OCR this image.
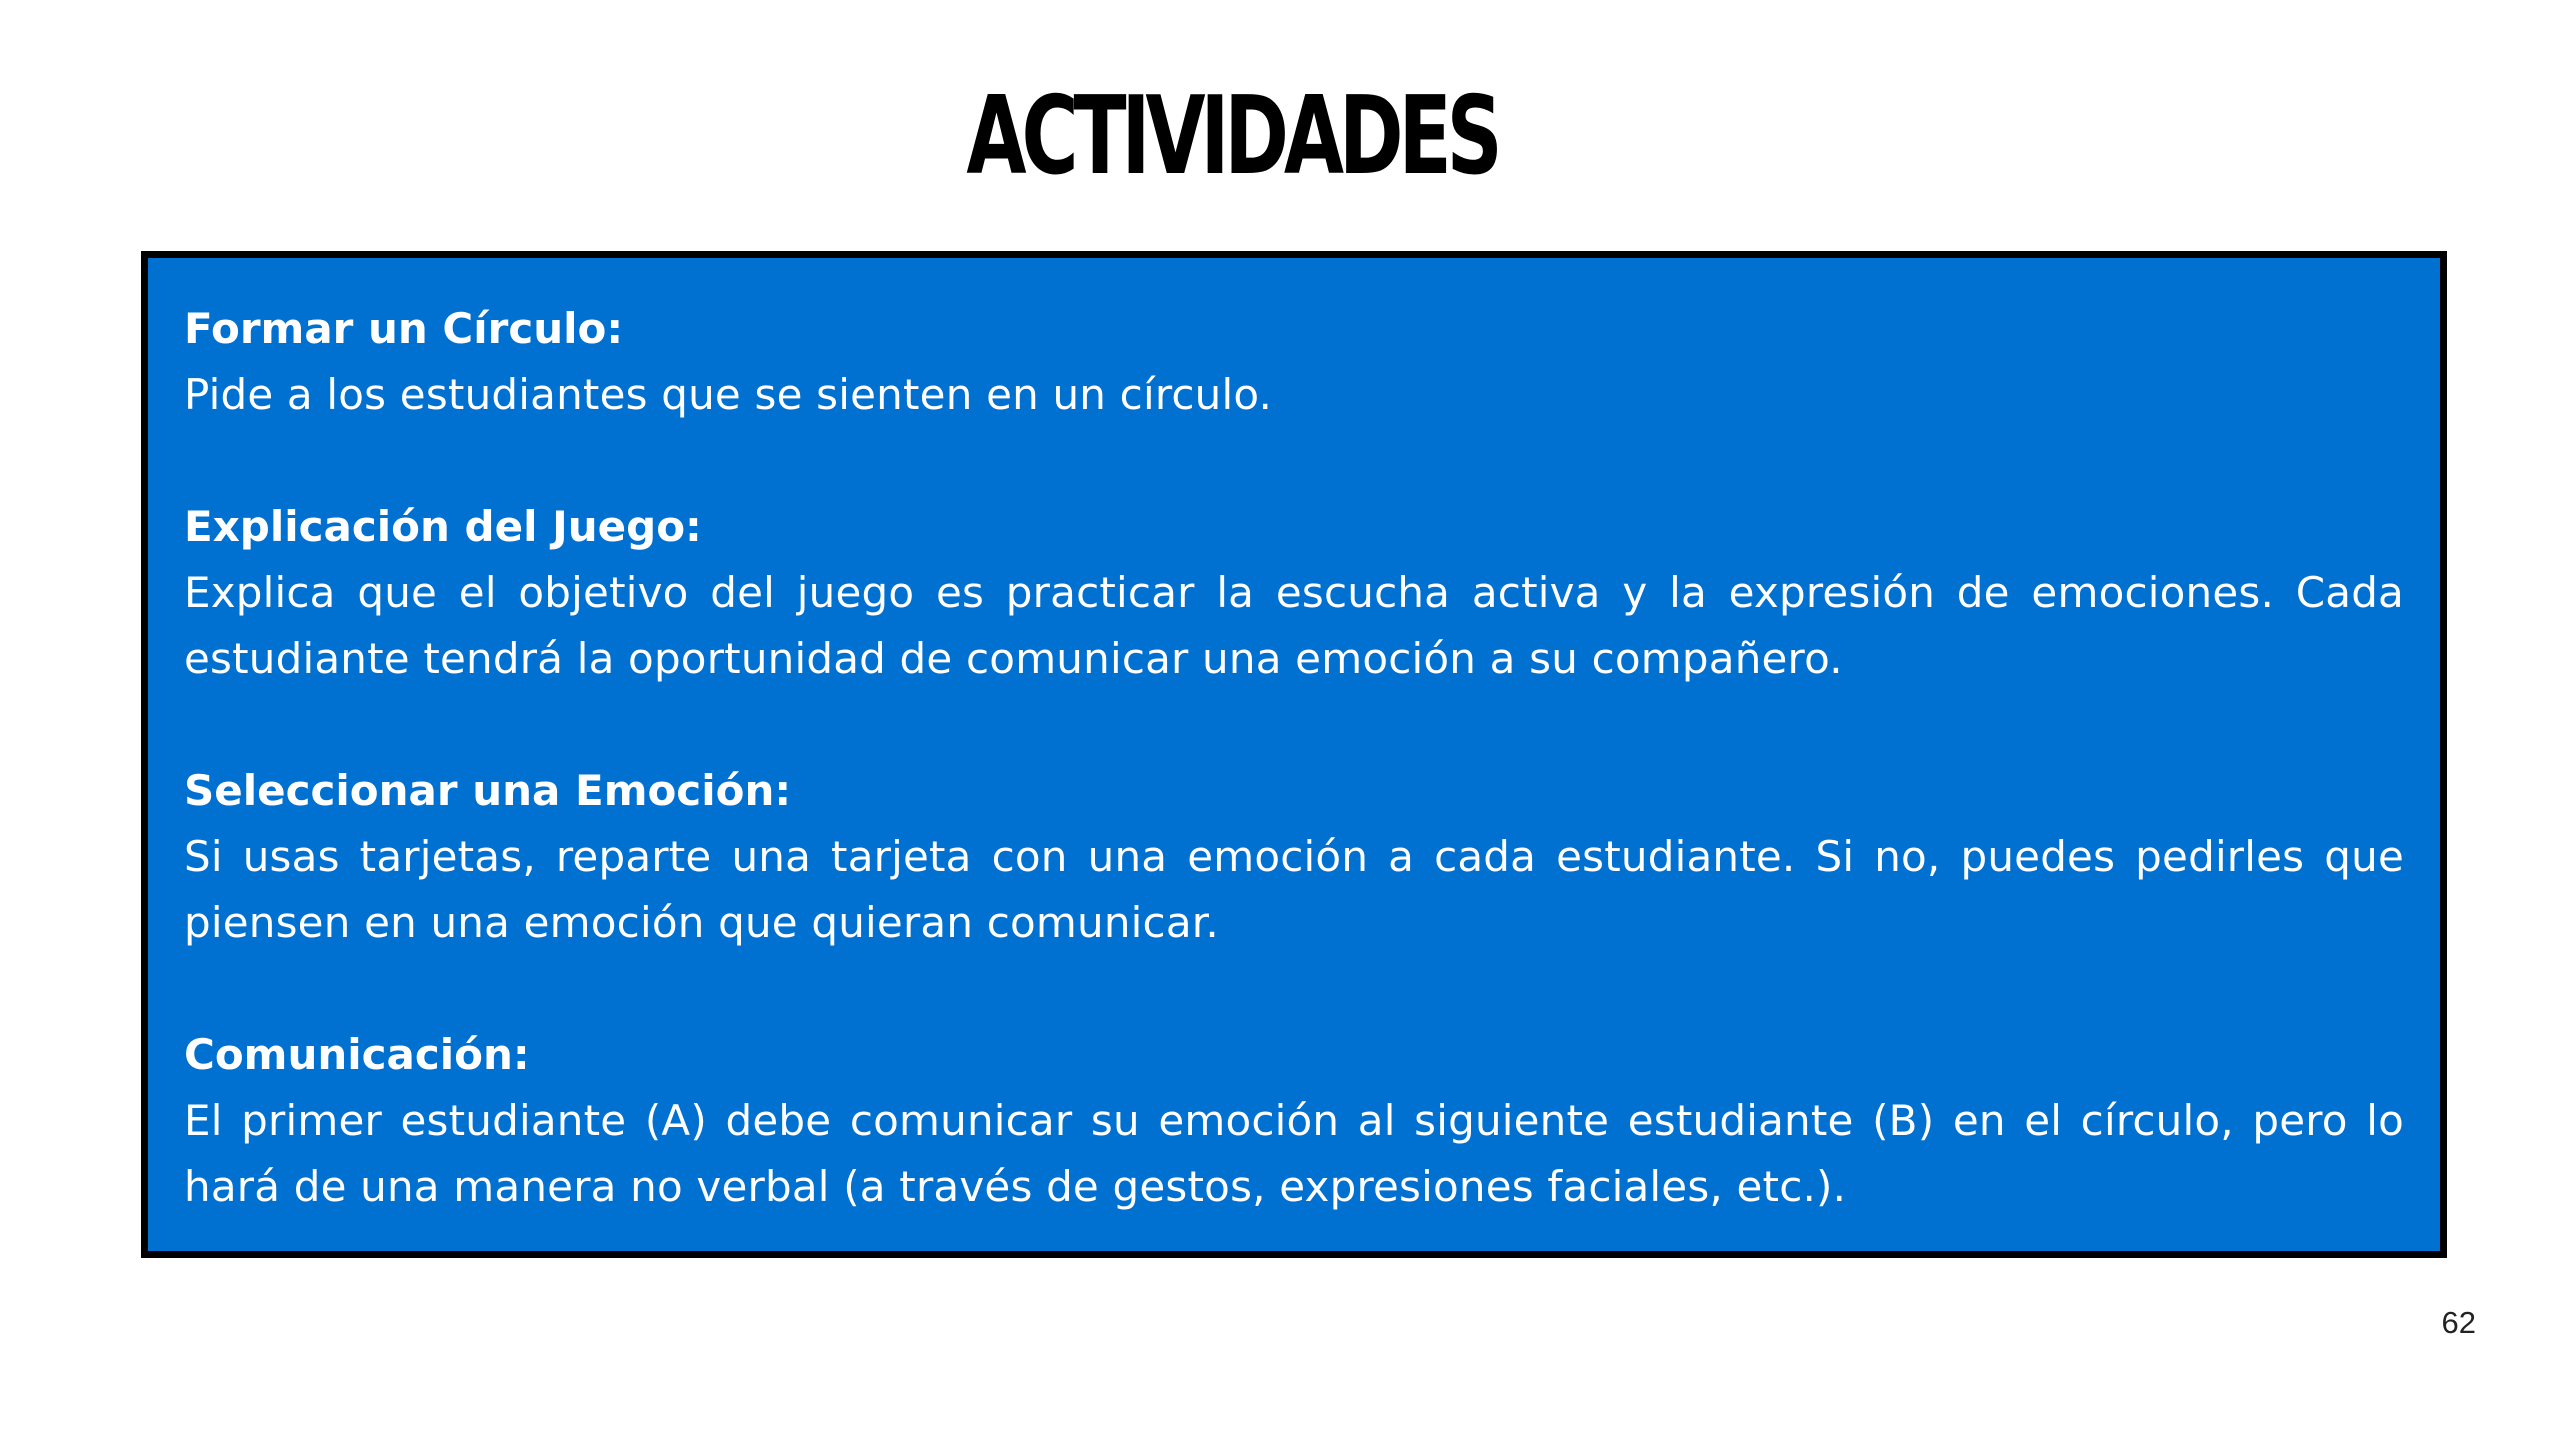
ACTIVIDADES

Formar un Círculo:

Pide a los estudiantes que se sienten en un círculo.

Explicación del Juego:

Explica que el objetivo del juego es practicar la escucha activa y la expresión de emociones. Cada estudiante tendrá la oportunidad de comunicar una emoción a su compañero.

Seleccionar una Emoción:

Si usas tarjetas, reparte una tarjeta con una emoción a cada estudiante. Si no, puedes pedirles que piensen en una emoción que quieran comunicar.

Comunicación:

El primer estudiante (A) debe comunicar su emoción al siguiente estudiante (B) en el círculo, pero lo hará de una manera no verbal (a través de gestos, expresiones faciales, etc.).

62
